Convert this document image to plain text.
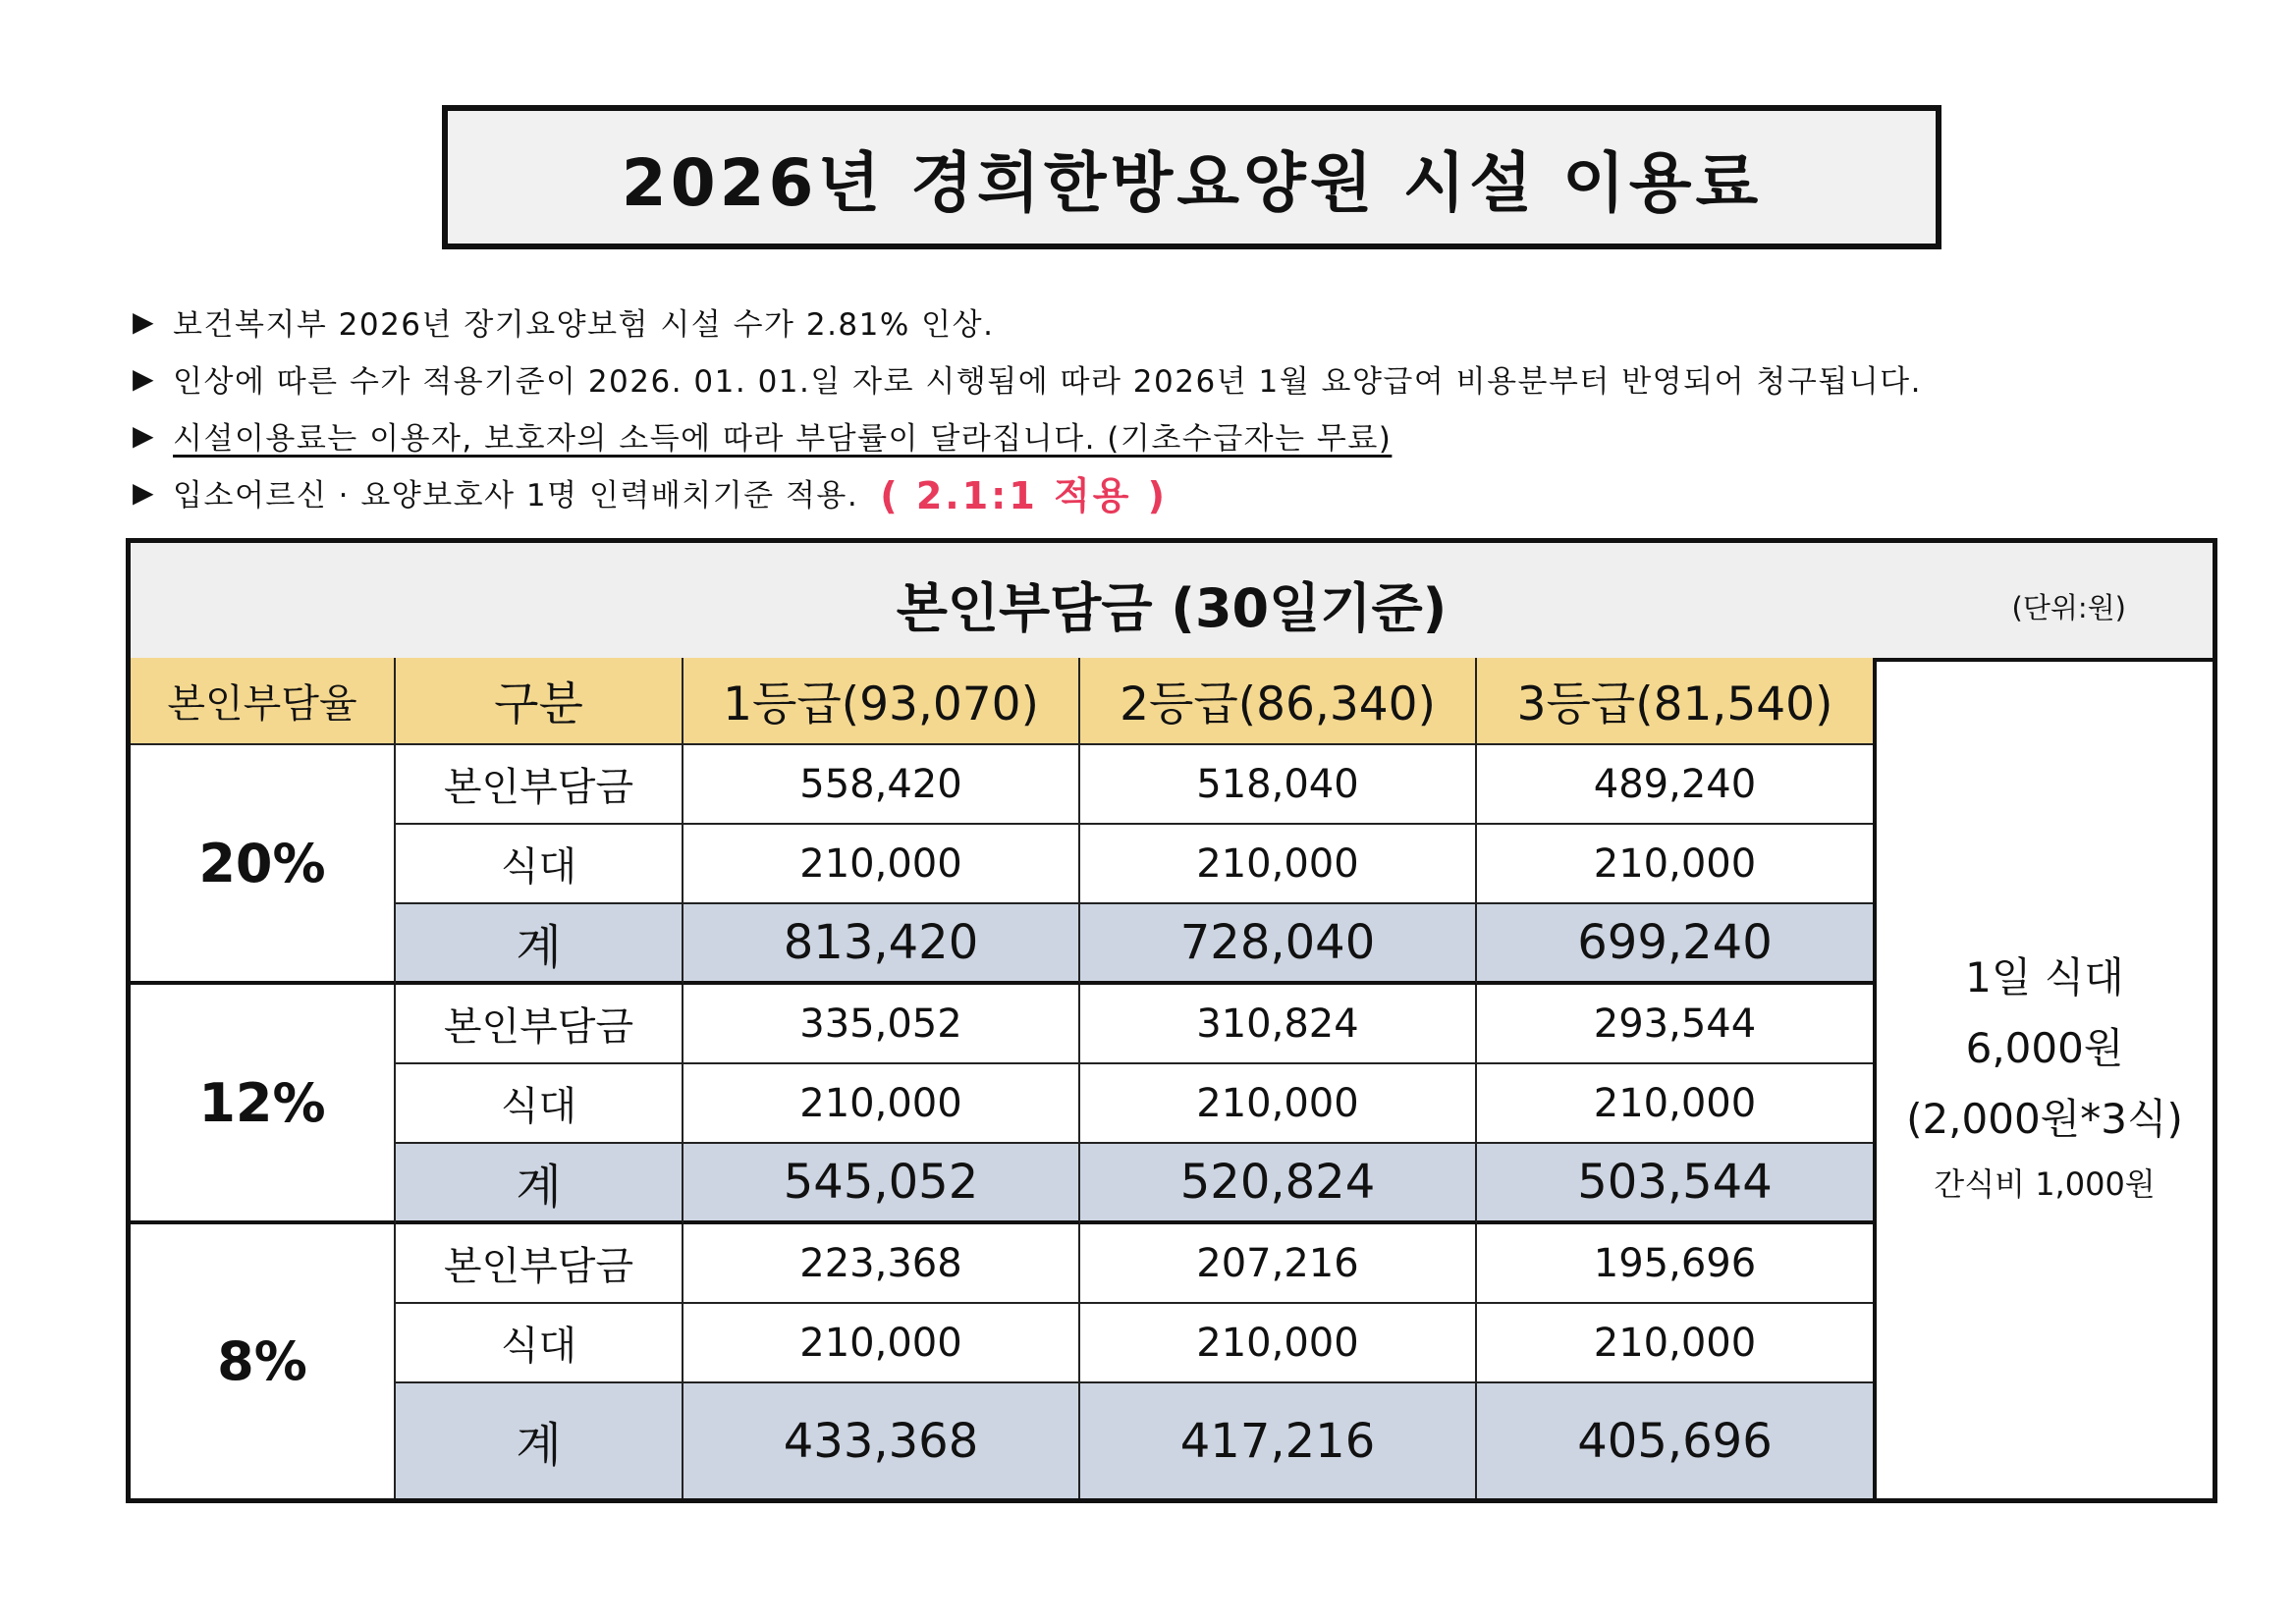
2026년 경희한방요양원 시설 이용료
▶ 보건복지부 2026년 장기요양보험 시설 수가 2.81% 인상.
▶ 인상에 따른 수가 적용기준이 2026. 01. 01.일 자로 시행됨에 따라 2026년 1월 요양급여 비용분부터 반영되어 청구됩니다.
▶ 시설이용료는 이용자, 보호자의 소득에 따라 부담률이 달라집니다. (기초수급자는 무료)
▶ 입소어르신 · 요양보호사 1명 인력배치기준 적용. ( 2.1:1 적용 )
본인부담금 (30일기준)	(단위:원)
본인부담율	구분	1등급(93,070)	2등급(86,340)	3등급(81,540)
20%
본인부담금	558,420	518,040	489,240
식대	210,000	210,000	210,000
계	813,420	728,040	699,240
12%
본인부담금	335,052	310,824	293,544
식대	210,000	210,000	210,000
계	545,052	520,824	503,544
8%
본인부담금	223,368	207,216	195,696
식대	210,000	210,000	210,000
계	433,368	417,216	405,696
1일 식대
6,000원
(2,000원*3식)
간식비 1,000원
